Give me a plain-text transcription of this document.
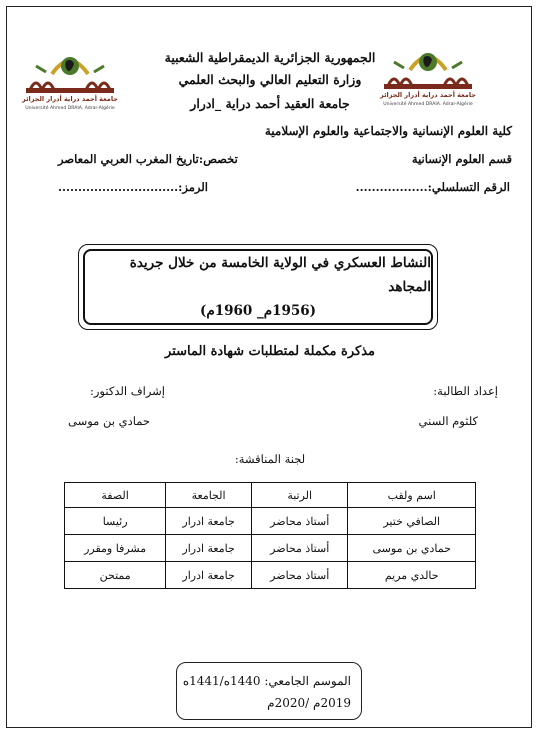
جامعة أحمد دراية أدرار الجزائر
Université Ahmed DRAIA. Adrar-Algérie
جامعة أحمد دراية أدرار الجزائر
Université Ahmed DRAIA. Adrar-Algérie
الجمهورية الجزائرية الديمقراطية الشعبية
وزارة التعليم العالي والبحث العلمي
جامعة العقيد أحمد دراية _ادرار
كلية العلوم الإنسانية والاجتماعية والعلوم الإسلامية
قسم العلوم الإنسانية
تخصص:تاريخ المغرب العربي المعاصر
الرقم التسلسلي:..................
الرمز:..............................
النشاط العسكري في الولاية الخامسة من خلال جريدة المجاهد
(1956م_ 1960م)
مذكرة مكملة لمتطلبات شهادة الماستر
إعداد الطالبة:
كلثوم السني
إشراف الدكتور:
حمادي بن موسى
لجنة المناقشة:
اسم ولقب	الرتبة	الجامعة	الصفة
الصافي ختير	أستاذ محاضر	جامعة ادرار	رئيسا
حمادي بن موسى	أستاذ محاضر	جامعة ادرار	مشرفا ومقرر
حالدي مريم	أستاذ محاضر	جامعة ادرار	ممتحن
الموسم الجامعي: 1440ه/1441ه
2019م /2020م
